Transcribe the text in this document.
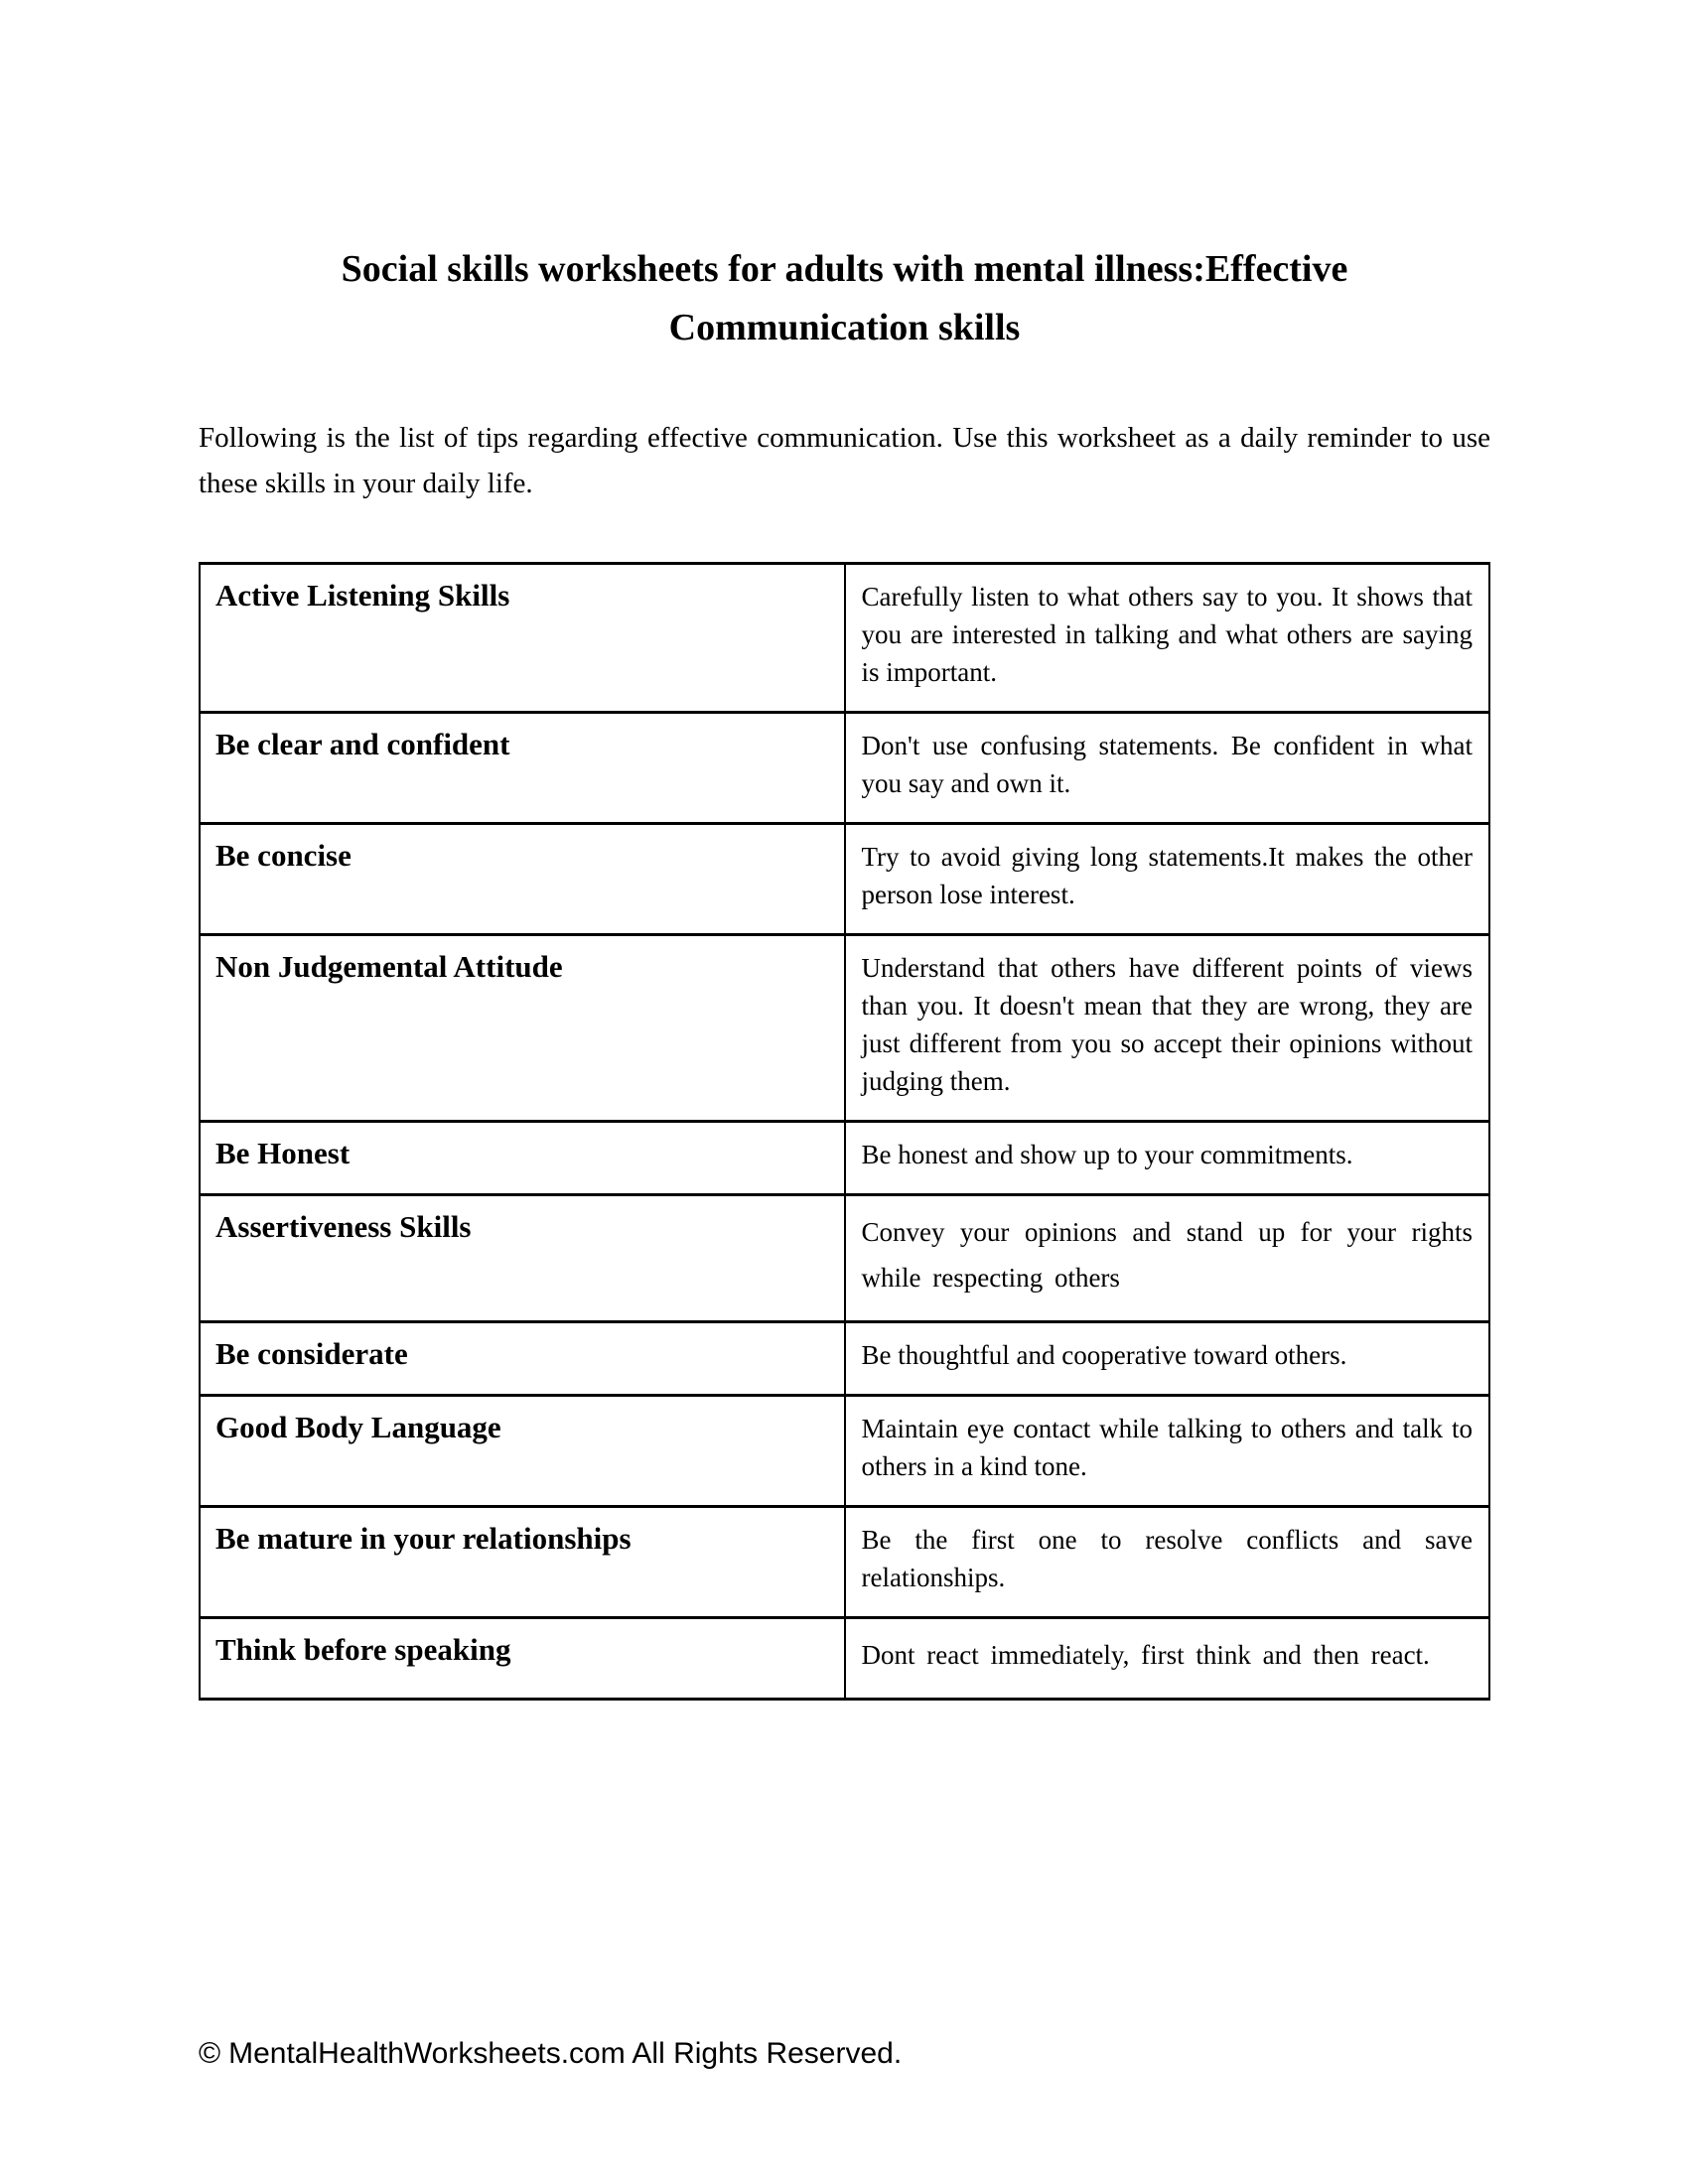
Social skills worksheets for adults with mental illness:Effective
Communication skills

Following is the list of tips regarding effective communication. Use this worksheet as a daily reminder to use these skills in your daily life.

Active Listening Skills	Carefully listen to what others say to you. It shows that you are interested in talking and what others are saying is important.
Be clear and confident	Don't use confusing statements. Be confident in what you say and own it.
Be concise	Try to avoid giving long statements.It makes the other person lose interest.
Non Judgemental Attitude	Understand that others have different points of views than you. It doesn't mean that they are wrong, they are just different from you so accept their opinions without judging them.
Be Honest	Be honest and show up to your commitments.
Assertiveness Skills	Convey your opinions and stand up for your rights while respecting others
Be considerate	Be thoughtful and cooperative toward others.
Good Body Language	Maintain eye contact while talking to others and talk to others in a kind tone.
Be mature in your relationships	Be the first one to resolve conflicts and save relationships.
Think before speaking	Dont react immediately, first think and then react.
© MentalHealthWorksheets.com All Rights Reserved.
